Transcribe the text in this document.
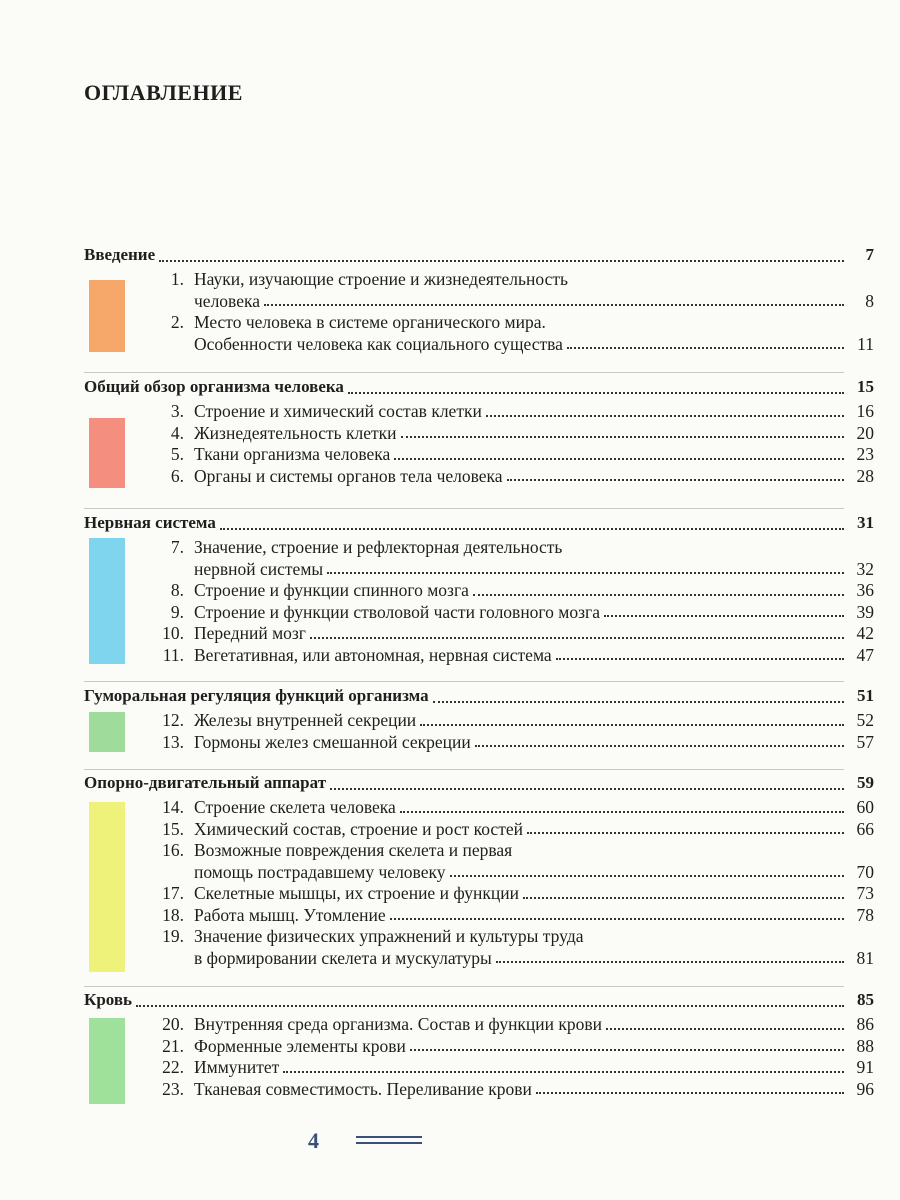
ОГЛАВЛЕНИЕ
Введение	7
1. Науки, изучающие строение и жизнедеятельность
человека	8
2. Место человека в системе органического мира.
Особенности человека как социального существа	11
Общий обзор организма человека	15
3. Строение и химический состав клетки	16
4. Жизнедеятельность клетки	20
5. Ткани организма человека	23
6. Органы и системы органов тела человека	28
Нервная система	31
7. Значение, строение и рефлекторная деятельность
нервной системы	32
8. Строение и функции спинного мозга	36
9. Строение и функции стволовой части головного мозга	39
10. Передний мозг	42
11. Вегетативная, или автономная, нервная система	47
Гуморальная регуляция функций организма	51
12. Железы внутренней секреции	52
13. Гормоны желез смешанной секреции	57
Опорно-двигательный аппарат	59
14. Строение скелета человека	60
15. Химический состав, строение и рост костей	66
16. Возможные повреждения скелета и первая
помощь пострадавшему человеку	70
17. Скелетные мышцы, их строение и функции	73
18. Работа мышц. Утомление	78
19. Значение физических упражнений и культуры труда
в формировании скелета и мускулатуры	81
Кровь	85
20. Внутренняя среда организма. Состав и функции крови	86
21. Форменные элементы крови	88
22. Иммунитет	91
23. Тканевая совместимость. Переливание крови	96
4
